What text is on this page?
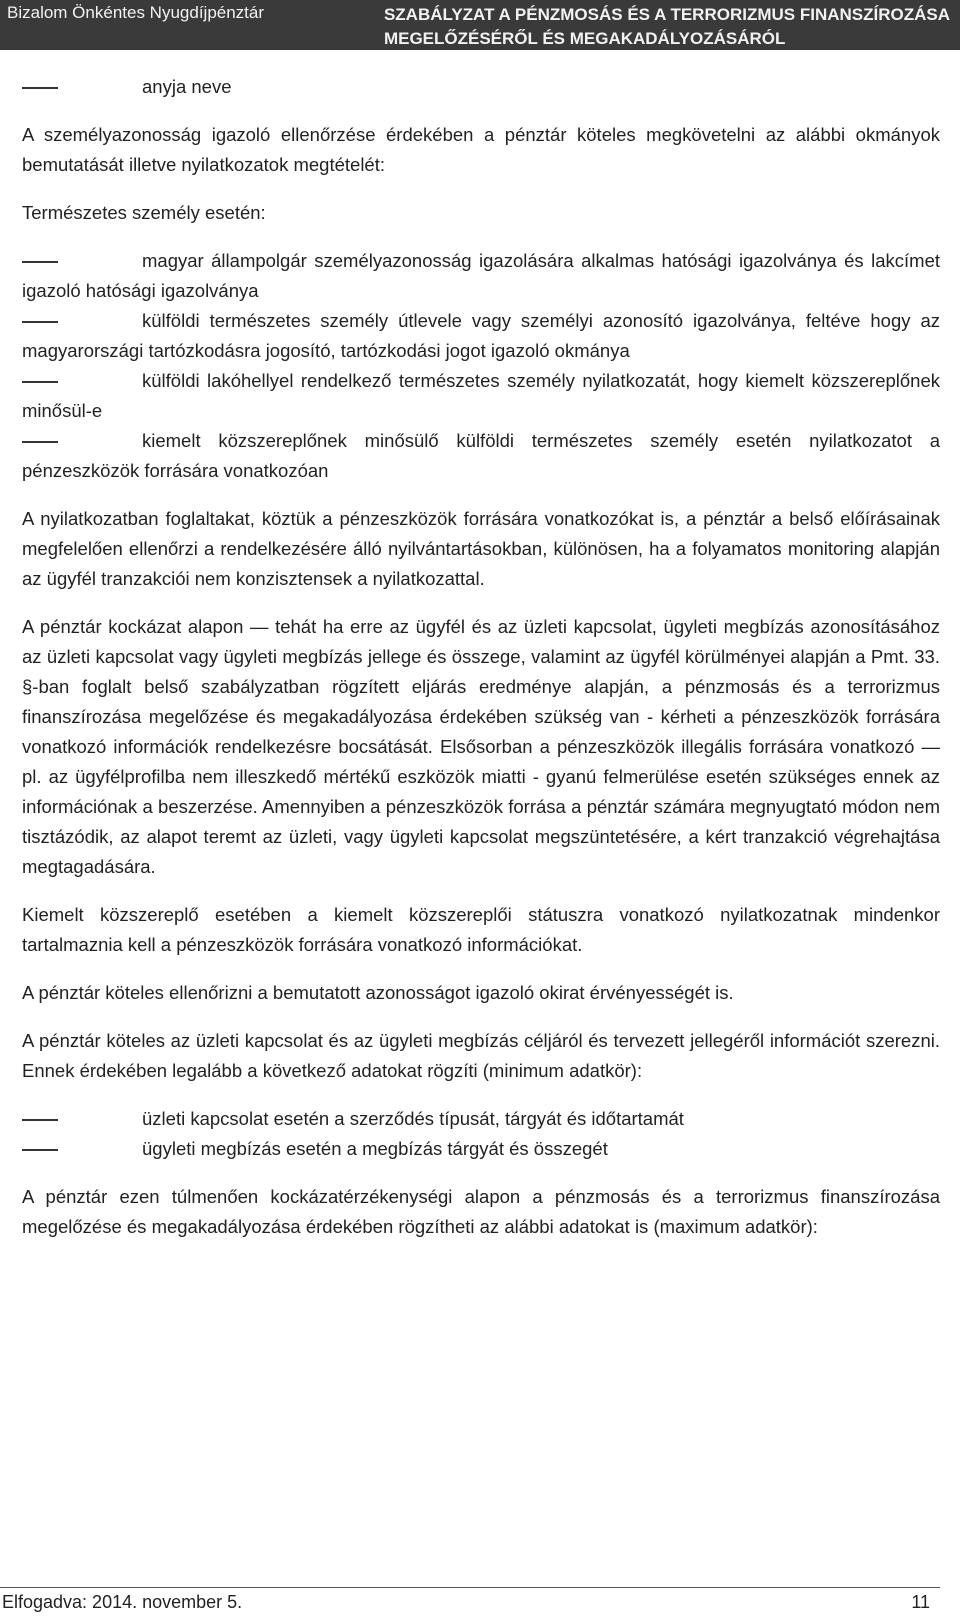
Bizalom Önkéntes Nyugdíjpénztár	SZABÁLYZAT A PÉNZMOSÁS ÉS A TERRORIZMUS FINANSZÍROZÁSA
MEGELŐZÉSÉRŐL ÉS MEGAKADÁLYOZÁSÁRÓL

anyja neve

A személyazonosság igazoló ellenőrzése érdekében a pénztár köteles megkövetelni az alábbi okmányok bemutatását illetve nyilatkozatok megtételét:

Természetes személy esetén:

magyar állampolgár személyazonosság igazolására alkalmas hatósági igazolványa és lakcímet igazoló hatósági igazolványa

külföldi természetes személy útlevele vagy személyi azonosító igazolványa, feltéve hogy az magyarországi tartózkodásra jogosító, tartózkodási jogot igazoló okmánya

külföldi lakóhellyel rendelkező természetes személy nyilatkozatát, hogy kiemelt közszereplőnek minősül-e

kiemelt közszereplőnek minősülő külföldi természetes személy esetén nyilatkozatot a pénzeszközök forrására vonatkozóan

A nyilatkozatban foglaltakat, köztük a pénzeszközök forrására vonatkozókat is, a pénztár a belső előírásainak megfelelően ellenőrzi a rendelkezésére álló nyilvántartásokban, különösen, ha a folyamatos monitoring alapján az ügyfél tranzakciói nem konzisztensek a nyilatkozattal.

A pénztár kockázat alapon — tehát ha erre az ügyfél és az üzleti kapcsolat, ügyleti megbízás azonosításához az üzleti kapcsolat vagy ügyleti megbízás jellege és összege, valamint az ügyfél körülményei alapján a Pmt. 33. §-ban foglalt belső szabályzatban rögzített eljárás eredménye alapján, a pénzmosás és a terrorizmus finanszírozása megelőzése és megakadályozása érdekében szükség van - kérheti a pénzeszközök forrására vonatkozó információk rendelkezésre bocsátását. Elsősorban a pénzeszközök illegális forrására vonatkozó — pl. az ügyfélprofilba nem illeszkedő mértékű eszközök miatti - gyanú felmerülése esetén szükséges ennek az információnak a beszerzése. Amennyiben a pénzeszközök forrása a pénztár számára megnyugtató módon nem tisztázódik, az alapot teremt az üzleti, vagy ügyleti kapcsolat megszüntetésére, a kért tranzakció végrehajtása megtagadására.

Kiemelt közszereplő esetében a kiemelt közszereplői státuszra vonatkozó nyilatkozatnak mindenkor tartalmaznia kell a pénzeszközök forrására vonatkozó információkat.

A pénztár köteles ellenőrizni a bemutatott azonosságot igazoló okirat érvényességét is.

A pénztár köteles az üzleti kapcsolat és az ügyleti megbízás céljáról és tervezett jellegéről információt szerezni. Ennek érdekében legalább a következő adatokat rögzíti (minimum adatkör):

üzleti kapcsolat esetén a szerződés típusát, tárgyát és időtartamát

ügyleti megbízás esetén a megbízás tárgyát és összegét

A pénztár ezen túlmenően kockázatérzékenységi alapon a pénzmosás és a terrorizmus finanszírozása megelőzése és megakadályozása érdekében rögzítheti az alábbi adatokat is (maximum adatkör):

Elfogadva: 2014. november 5.	11
